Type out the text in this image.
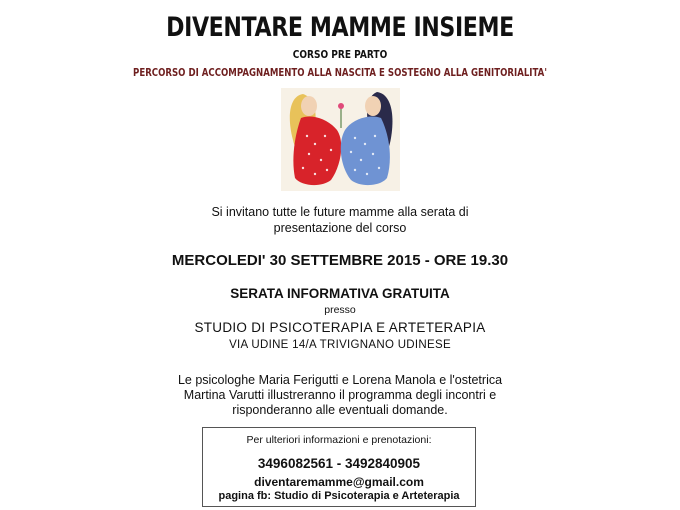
DIVENTARE MAMME INSIEME
CORSO PRE PARTO
PERCORSO DI ACCOMPAGNAMENTO ALLA NASCITA E SOSTEGNO ALLA GENITORIALITA'
Si invitano tutte le future mamme alla serata di
presentazione del corso
MERCOLEDI' 30 SETTEMBRE 2015 - ORE 19.30
SERATA INFORMATIVA GRATUITA
presso
STUDIO DI PSICOTERAPIA E ARTETERAPIA
VIA UDINE 14/A TRIVIGNANO UDINESE
Le psicologhe Maria Ferigutti e Lorena Manola e l'ostetrica
Martina Varutti illustreranno il programma degli incontri e
risponderanno alle eventuali domande.
Per ulteriori informazioni e prenotazioni:
3496082561 - 3492840905
diventaremamme@gmail.com
pagina fb: Studio di Psicoterapia e Arteterapia
